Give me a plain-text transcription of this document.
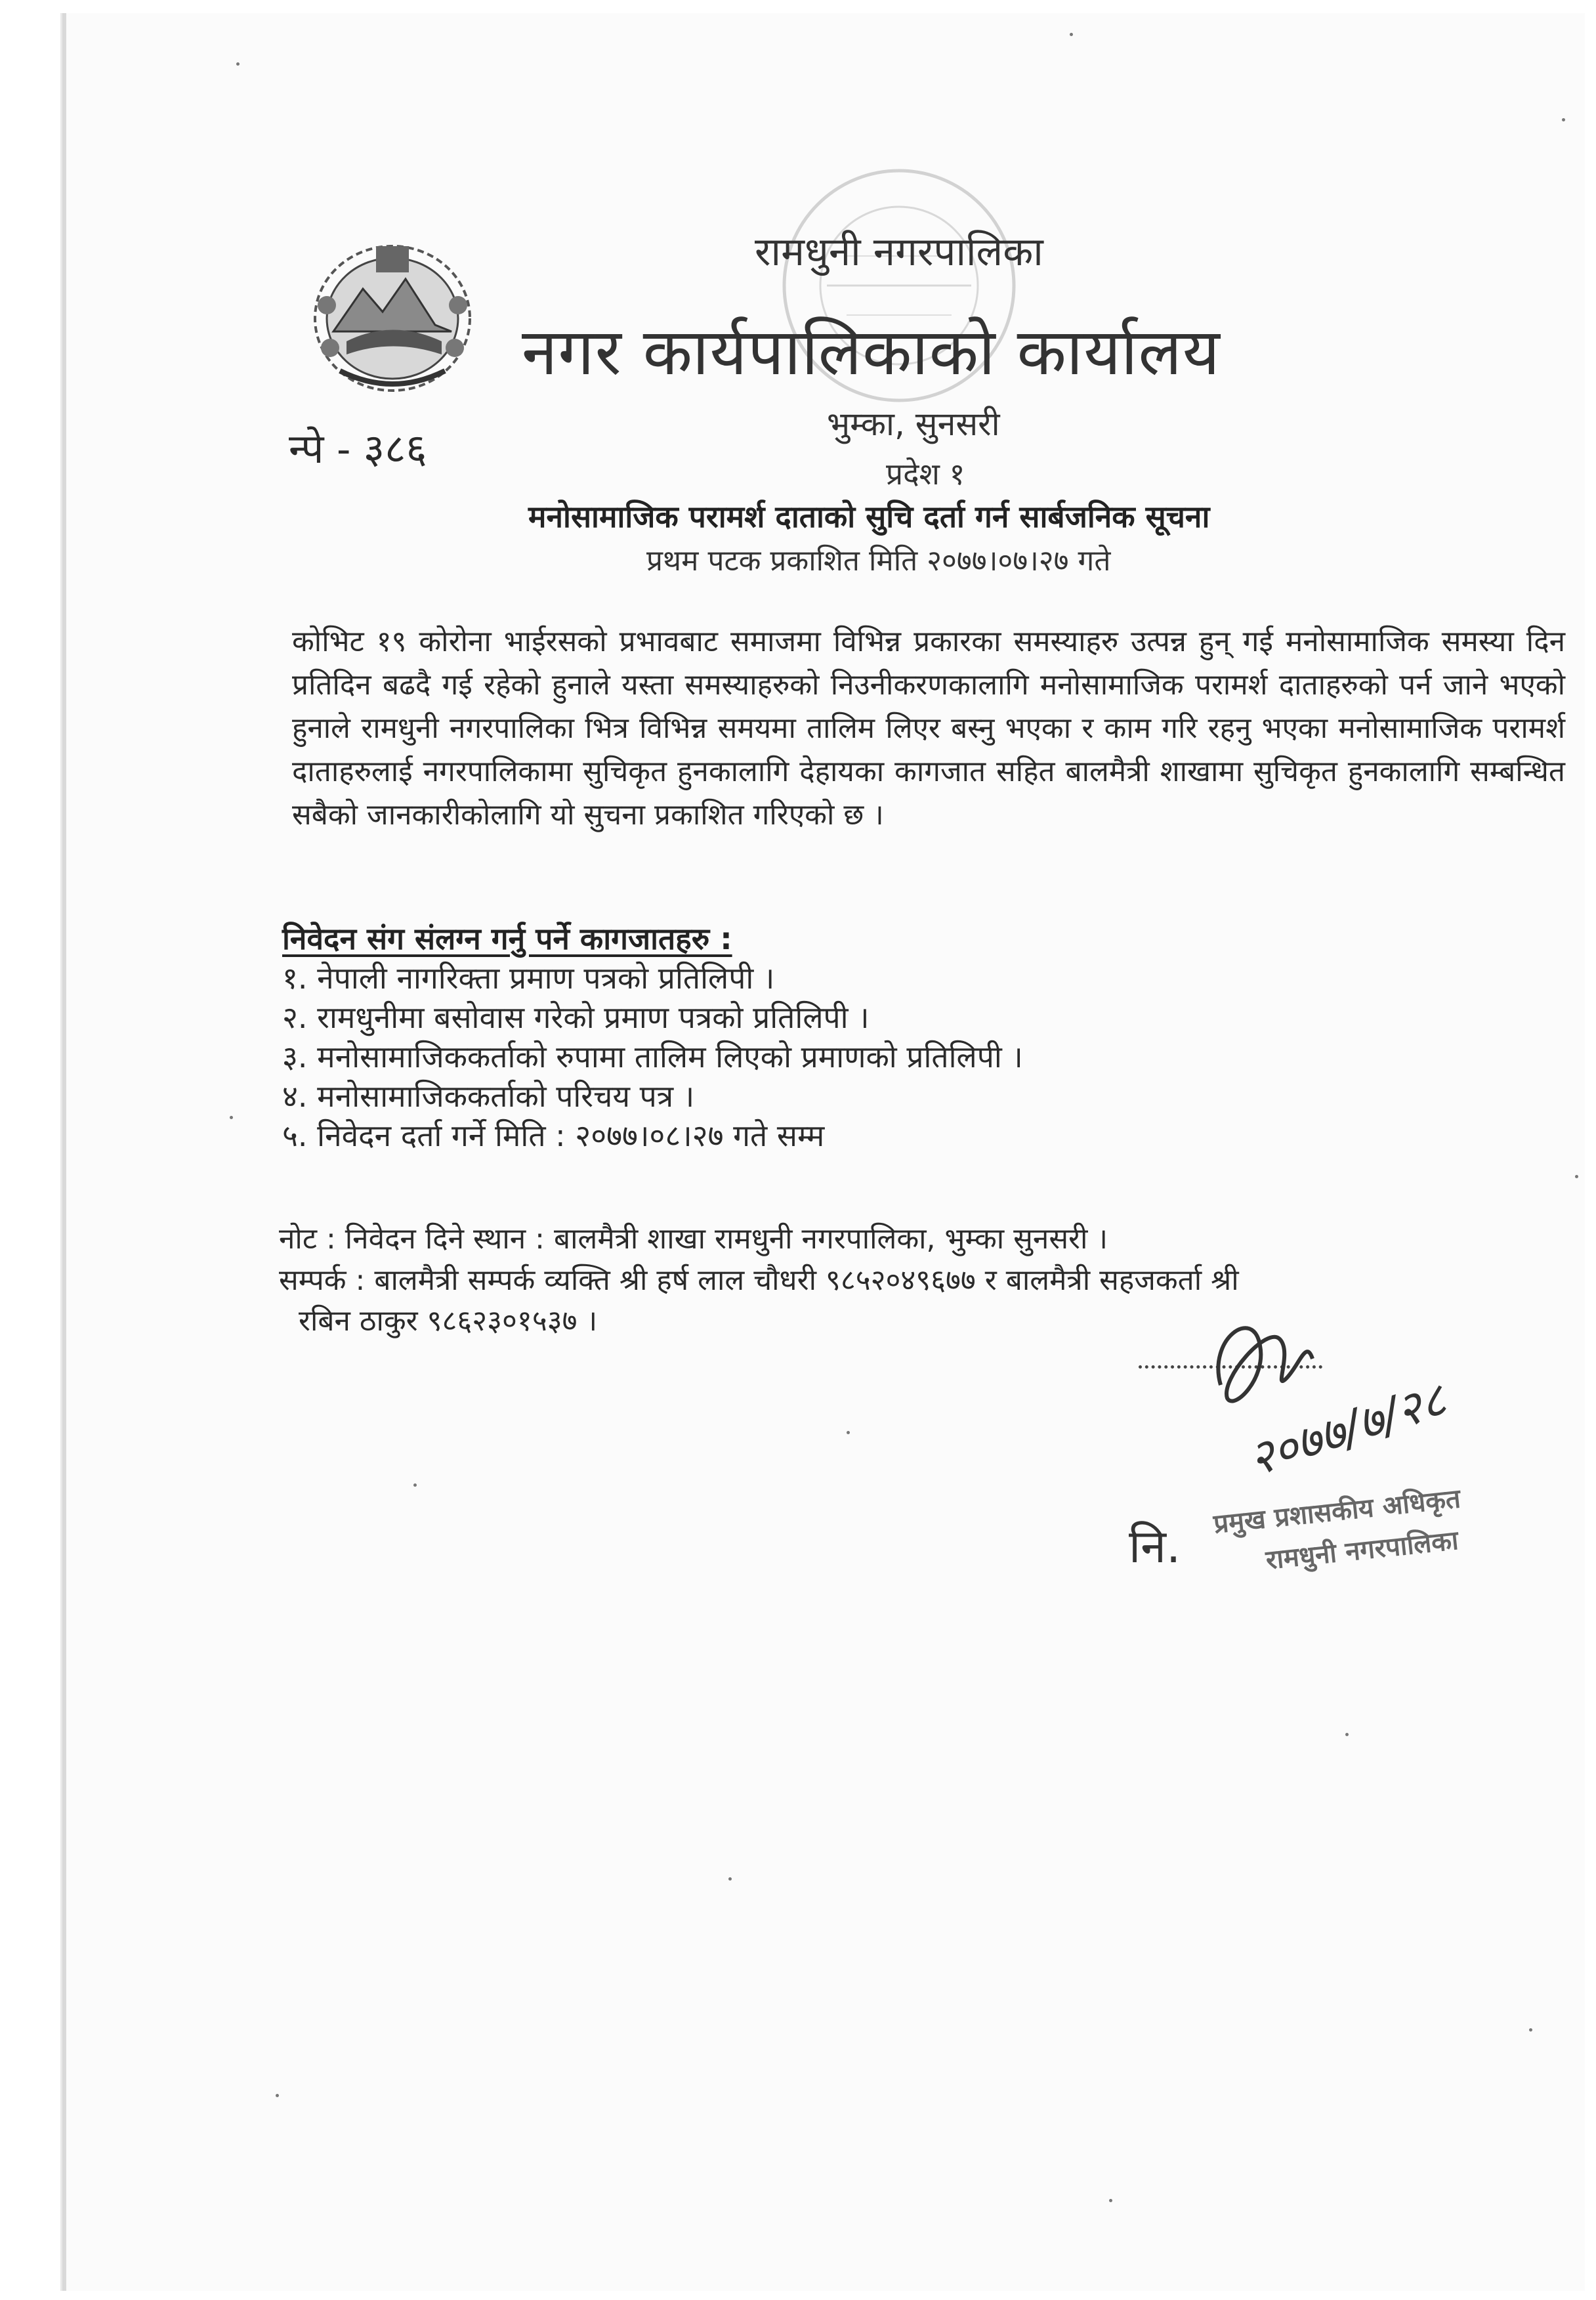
न्पे - ३८६
रामधुनी नगरपालिका
नगर कार्यपालिकाको कार्यालय
भुम्का, सुनसरी
प्रदेश १
मनोसामाजिक परामर्श दाताको सुचि दर्ता गर्न सार्बजनिक सूचना
प्रथम पटक प्रकाशित मिति २०७७।०७।२७ गते
कोभिट १९ कोरोना भाईरसको प्रभावबाट समाजमा विभिन्न प्रकारका समस्याहरु उत्पन्न हुन् गई मनोसामाजिक समस्या दिन प्रतिदिन बढदै गई रहेको हुनाले यस्ता समस्याहरुको निउनीकरणकालागि मनोसामाजिक परामर्श दाताहरुको पर्न जाने भएको हुनाले रामधुनी नगरपालिका भित्र विभिन्न समयमा तालिम लिएर बस्नु भएका र काम गरि रहनु भएका मनोसामाजिक परामर्श दाताहरुलाई नगरपालिकामा सुचिकृत हुनकालागि देहायका कागजात सहित बालमैत्री शाखामा सुचिकृत हुनकालागि सम्बन्धित सबैको जानकारीकोलागि यो सुचना प्रकाशित गरिएको छ ।
निवेदन संग संलग्न गर्नु पर्ने कागजातहरु :
१. नेपाली नागरिक्ता प्रमाण पत्रको प्रतिलिपी ।
२. रामधुनीमा बसोवास गरेको प्रमाण पत्रको प्रतिलिपी ।
३. मनोसामाजिककर्ताको रुपामा तालिम लिएको प्रमाणको प्रतिलिपी ।
४. मनोसामाजिककर्ताको परिचय पत्र ।
५. निवेदन दर्ता गर्ने मिति : २०७७।०८।२७ गते सम्म
नोट : निवेदन दिने स्थान : बालमैत्री शाखा रामधुनी नगरपालिका, भुम्का सुनसरी ।
सम्पर्क : बालमैत्री सम्पर्क व्यक्ति श्री हर्ष लाल चौधरी ९८५२०४९६७७ र बालमैत्री सहजकर्ता श्री
रबिन ठाकुर ९८६२३०१५३७ ।
२०७७/७/२८
नि.
प्रमुख प्रशासकीय अधिकृत
रामधुनी नगरपालिका
